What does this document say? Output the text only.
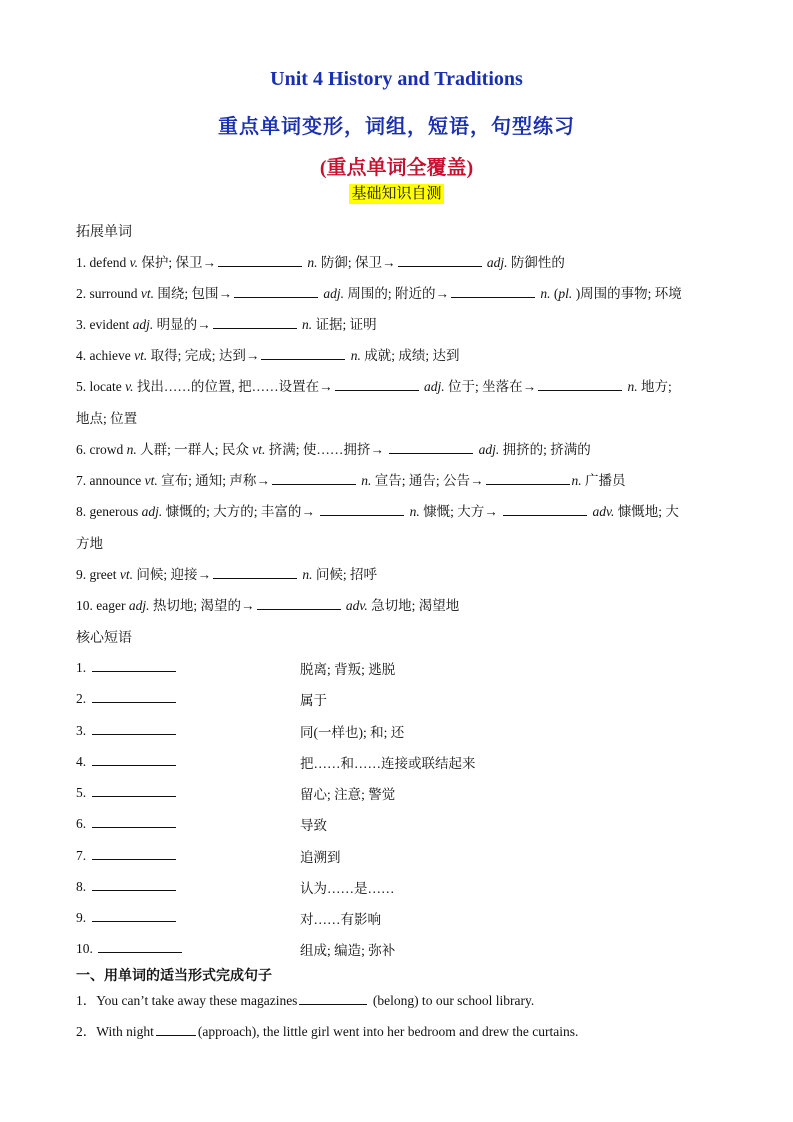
Unit 4 History and Traditions
重点单词变形，词组，短语，句型练习
(重点单词全覆盖)
基础知识自测
拓展单词
1. defend v. 保护; 保卫→	n. 防御; 保卫→	adj. 防御性的
2. surround vt. 围绕; 包围→	adj. 周围的; 附近的→	n. (pl. )周围的事物; 环境
3. evident adj. 明显的→	n. 证据; 证明
4. achieve vt. 取得; 完成; 达到→	n. 成就; 成绩; 达到
5. locate v. 找出……的位置, 把……设置在→	adj. 位于; 坐落在→	n. 地方;
地点; 位置
6. crowd n. 人群; 一群人; 民众 vt. 挤满; 使……拥挤→	adj. 拥挤的; 挤满的
7. announce vt. 宣布; 通知; 声称→	n. 宣告; 通告; 公告→	n. 广播员
8. generous adj. 慷慨的; 大方的; 丰富的→	n. 慷慨; 大方→	adv. 慷慨地; 大
方地
9. greet vt. 问候; 迎接→	n. 问候; 招呼
10. eager adj. 热切地; 渴望的→	adv. 急切地; 渴望地
核心短语
1.	脱离; 背叛; 逃脱
2.	属于
3.	同(一样也); 和; 还
4.	把……和……连接或联结起来
5.	留心; 注意; 警觉
6.	导致
7.	追溯到
8.	认为……是……
9.	对……有影响
10.	组成; 编造; 弥补
一、用单词的适当形式完成句子
1．You can’t take away these magazines	(belong) to our school library.
2．With night	(approach), the little girl went into her bedroom and drew the curtains.
